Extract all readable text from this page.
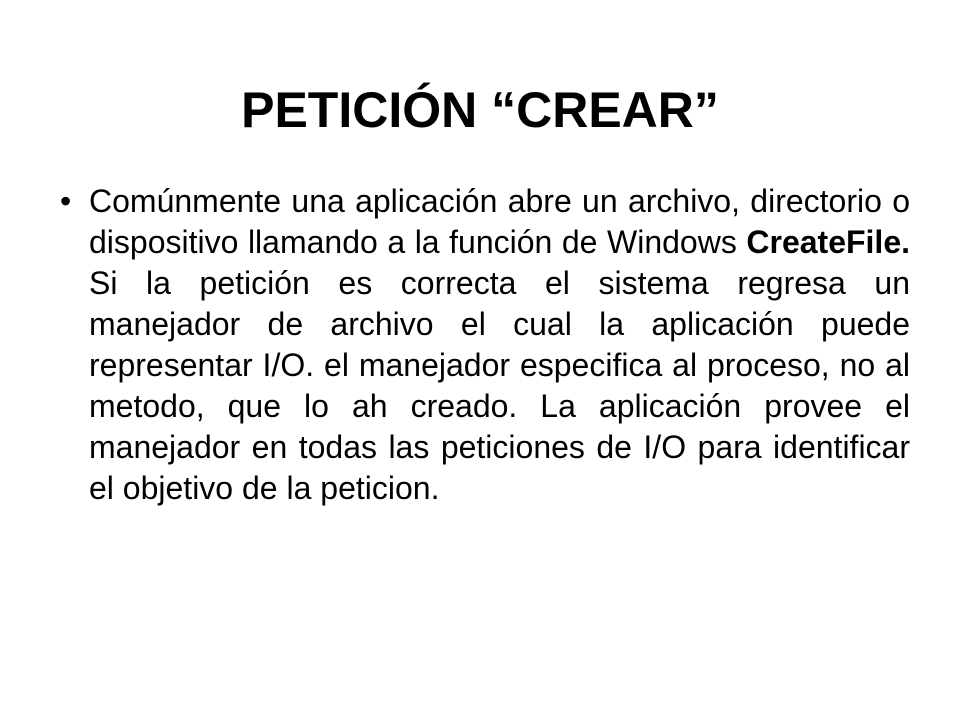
PETICIÓN “CREAR”

• Comúnmente una aplicación abre un archivo, directorio o dispositivo llamando a la función de Windows CreateFile. Si la petición es correcta el sistema regresa un manejador de archivo el cual la aplicación puede representar I/O. el manejador especifica al proceso, no al metodo, que lo ah creado. La aplicación provee el manejador en todas las peticiones de I/O para identificar el objetivo de la peticion.
